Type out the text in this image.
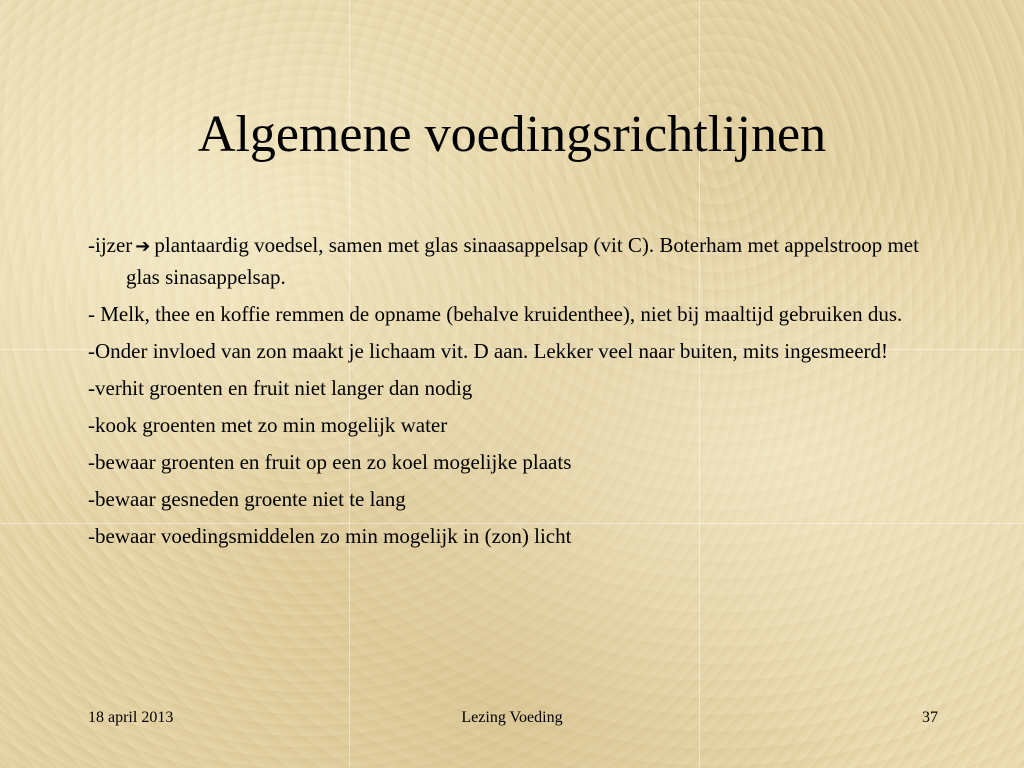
Algemene voedingsrichtlijnen
-ijzer ➔ plantaardig voedsel, samen met glas sinaasappelsap (vit C). Boterham met appelstroop met glas sinasappelsap.
- Melk, thee en koffie remmen de opname (behalve kruidenthee), niet bij maaltijd gebruiken dus.
-Onder invloed van zon maakt je lichaam vit. D aan. Lekker veel naar buiten, mits ingesmeerd!
-verhit groenten en fruit niet langer dan nodig
-kook groenten met zo min mogelijk water
-bewaar groenten en fruit op een zo koel mogelijke plaats
-bewaar gesneden groente niet te lang
-bewaar voedingsmiddelen zo min mogelijk in (zon) licht
18 april 2013	Lezing Voeding	37
